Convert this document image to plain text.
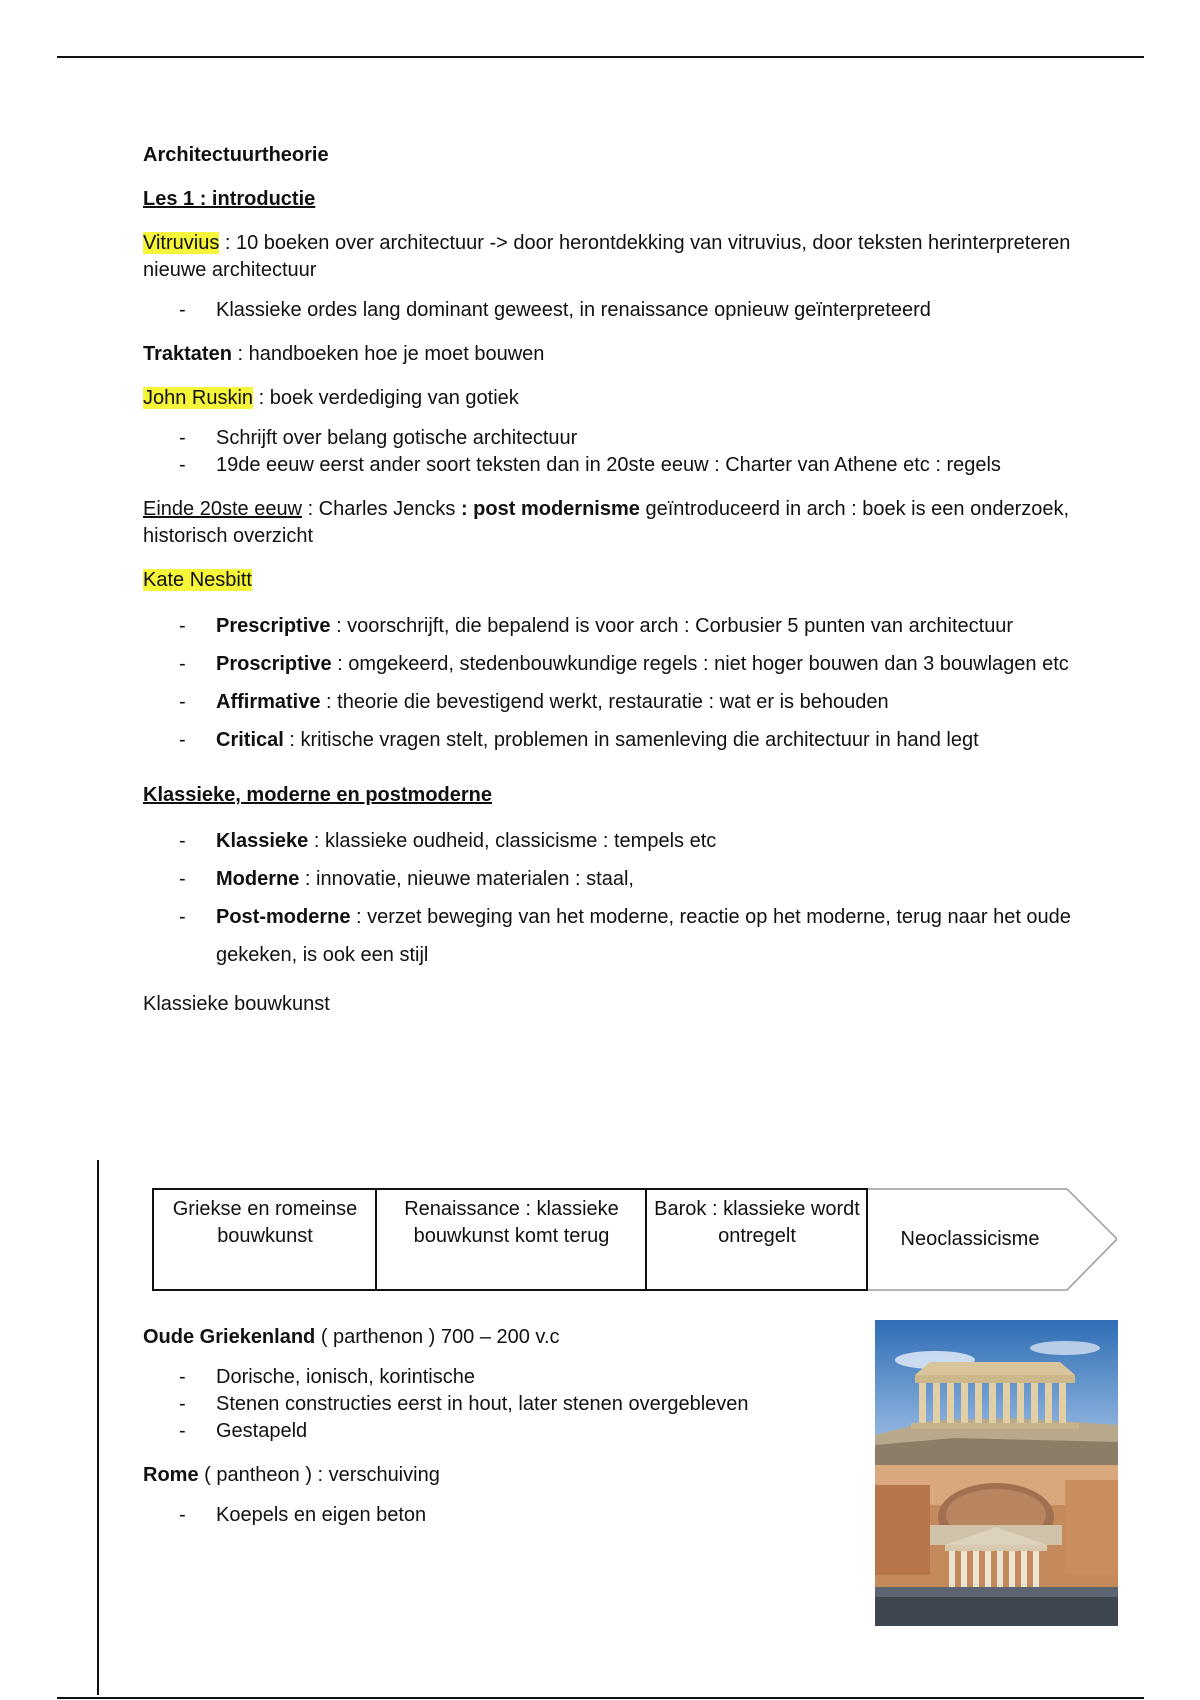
Architectuurtheorie

Les 1 : introductie

Vitruvius : 10 boeken over architectuur -> door herontdekking van vitruvius, door teksten herinterpreteren nieuwe architectuur

- Klassieke ordes lang dominant geweest, in renaissance opnieuw geïnterpreteerd

Traktaten : handboeken hoe je moet bouwen

John Ruskin : boek verdediging van gotiek

- Schrijft over belang gotische architectuur
- 19de eeuw eerst ander soort teksten dan in 20ste eeuw : Charter van Athene etc : regels

Einde 20ste eeuw : Charles Jencks : post modernisme geïntroduceerd in arch : boek is een onderzoek, historisch overzicht

Kate Nesbitt

- Prescriptive : voorschrijft, die bepalend is voor arch : Corbusier 5 punten van architectuur
- Proscriptive : omgekeerd, stedenbouwkundige regels : niet hoger bouwen dan 3 bouwlagen etc
- Affirmative : theorie die bevestigend werkt, restauratie : wat er is behouden
- Critical : kritische vragen stelt, problemen in samenleving die architectuur in hand legt

Klassieke, moderne en postmoderne

- Klassieke : klassieke oudheid, classicisme : tempels etc
- Moderne : innovatie, nieuwe materialen : staal,
- Post-moderne : verzet beweging van het moderne, reactie op het moderne, terug naar het oude gekeken, is ook een stijl

Klassieke bouwkunst

Griekse en romeinse bouwkunst
Renaissance : klassieke bouwkunst komt terug
Barok : klassieke wordt ontregelt	Neoclassicisme

Oude Griekenland ( parthenon ) 700 – 200 v.c

- Dorische, ionisch, korintische
- Stenen constructies eerst in hout, later stenen overgebleven
- Gestapeld

Rome ( pantheon ) : verschuiving

- Koepels en eigen beton
